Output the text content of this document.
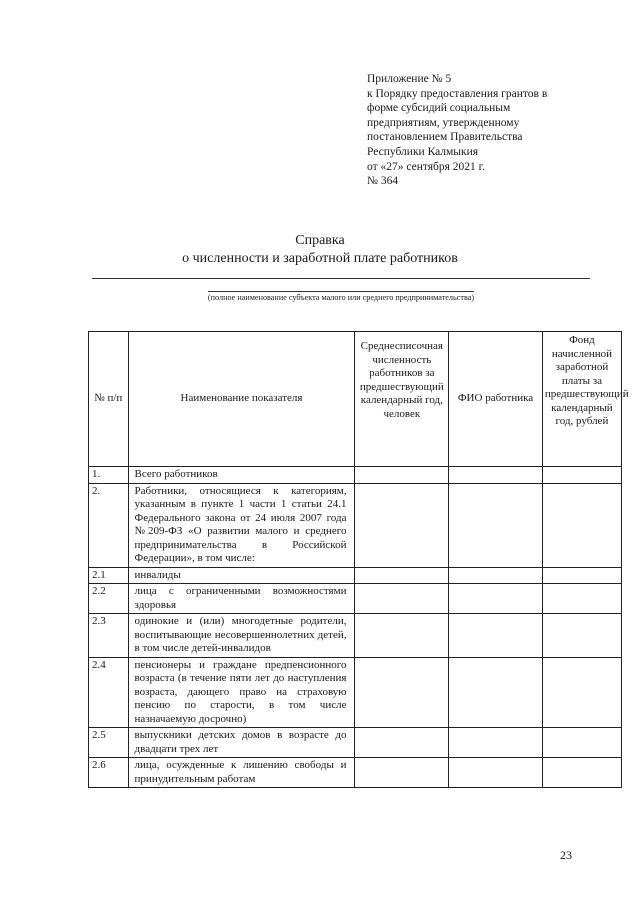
Приложение № 5
к Порядку предоставления грантов в
форме субсидий социальным
предприятиям, утвержденному
постановлением Правительства
Республики Калмыкия
от «27» сентября 2021 г.
№ 364
Справка
о численности и заработной плате работников
(полное наименование субъекта малого или среднего предпринимательства)
№ п/п	Наименование показателя	Среднесписочная численность работников за предшествующий календарный год, человек	ФИО работника	Фонд начисленной заработной платы за предшествующий календарный год, рублей
1.	Всего работников			
2.	Работники, относящиеся к категориям, указанным в пункте 1 части 1 статьи 24.1 Федерального закона от 24 июля 2007 года №209-ФЗ «О развитии малого и среднего предпринимательства в Российской Федерации», в том числе:			
2.1	инвалиды			
2.2	лица с ограниченными возможностями здоровья			
2.3	одинокие и (или) многодетные родители, воспитывающие несовершеннолетних детей, в том числе детей-инвалидов			
2.4	пенсионеры и граждане предпенсионного возраста (в течение пяти лет до наступления возраста, дающего право на страховую пенсию по старости, в том числе назначаемую досрочно)			
2.5	выпускники детских домов в возрасте до двадцати трех лет			
2.6	лица, осужденные к лишению свободы и принудительным работам			
23
